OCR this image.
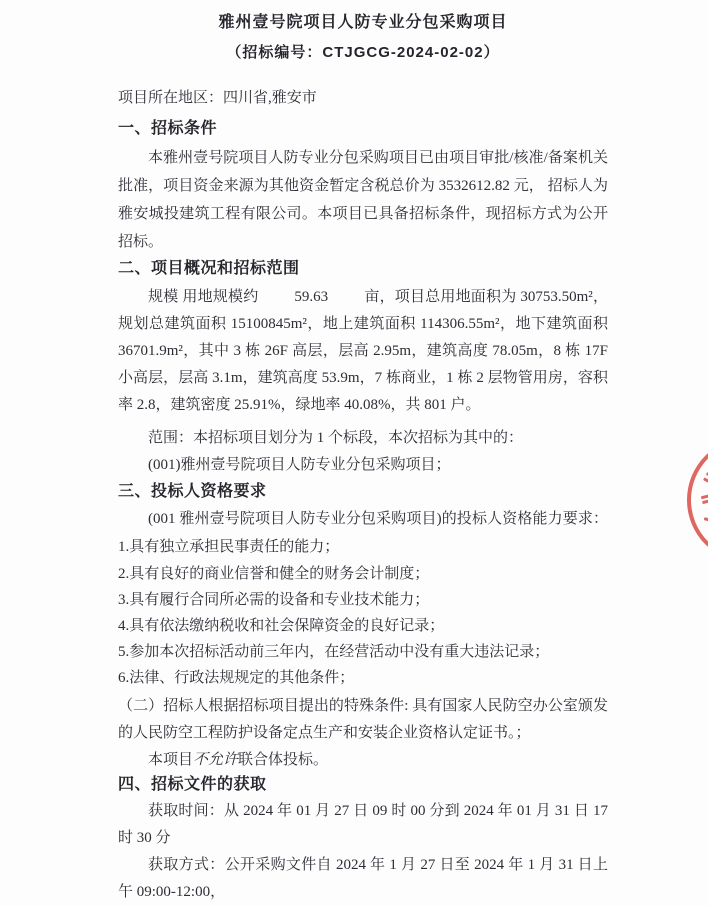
雅州壹号院项目人防专业分包采购项目

（招标编号：CTJGCG-2024-02-02）

项目所在地区：四川省,雅安市

一、招标条件

本雅州壹号院项目人防专业分包采购项目已由项目审批/核准/备案机关批准，项目资金来源为其他资金暂定含税总价为 3532612.82 元， 招标人为雅安城投建筑工程有限公司。本项目已具备招标条件，现招标方式为公开招标。

二、项目概况和招标范围

规模 用地规模约 59.63 亩，项目总用地面积为 30753.50m²，规划总建筑面积 15100845m²，地上建筑面积 114306.55m²，地下建筑面积 36701.9m²，其中 3 栋 26F 高层，层高 2.95m，建筑高度 78.05m，8 栋 17F 小高层，层高 3.1m，建筑高度 53.9m，7 栋商业，1 栋 2 层物管用房，容积率 2.8，建筑密度 25.91%，绿地率 40.08%，共 801 户。

范围：本招标项目划分为 1 个标段，本次招标为其中的：

(001)雅州壹号院项目人防专业分包采购项目；

三、投标人资格要求

(001 雅州壹号院项目人防专业分包采购项目)的投标人资格能力要求：1.具有独立承担民事责任的能力；

2.具有良好的商业信誉和健全的财务会计制度；

3.具有履行合同所必需的设备和专业技术能力；

4.具有依法缴纳税收和社会保障资金的良好记录；

5.参加本次招标活动前三年内，在经营活动中没有重大违法记录；

6.法律、行政法规规定的其他条件；

（二）招标人根据招标项目提出的特殊条件: 具有国家人民防空办公室颁发的人民防空工程防护设备定点生产和安装企业资格认定证书。；

本项目不允许联合体投标。

四、招标文件的获取

获取时间：从 2024 年 01 月 27 日 09 时 00 分到 2024 年 01 月 31 日 17 时 30 分

获取方式：公开采购文件自 2024 年 1 月 27 日至 2024 年 1 月 31 日上午 09:00-12:00，
